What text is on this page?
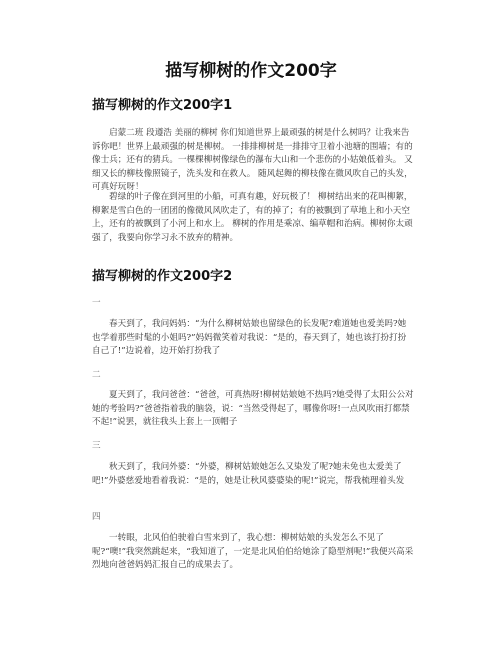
描写柳树的作文200字
描写柳树的作文200字1

启蒙二班 段遵浩 美丽的柳树 你们知道世界上最顽强的树是什么树吗？让我来告诉你吧！世界上最顽强的树是柳树。 一排排柳树是一排排守卫着小池塘的围墙；有的像士兵；还有的猜兵。一棵棵柳树像绿色的瀑布大山和一个悲伤的小姑娘低着头。 又细又长的柳枝像照镜子，洗头发和在救人。 随风起舞的柳枝像在微风吹自己的头发，可真好玩呀！

碧绿的叶子像在到河里的小船，可真有趣，好玩极了！ 柳树结出来的花叫柳絮，柳絮是雪白色的一团团的像微风风吹走了，有的掉了；有的被飘到了草地上和小天空上，还有的被飘到了小河上和水上。 柳树的作用是乘凉、编草帽和治病。柳树你太顽强了，我要向你学习永不放弃的精神。

描写柳树的作文200字2

一

春天到了，我问妈妈：“为什么柳树姑娘也留绿色的长发呢?难道她也爱美吗?她也学着那些时髦的小姐吗?”妈妈微笑着对我说：“是的，春天到了，她也该打扮打扮自己了!”边说着，边开始打扮我了

二

夏天到了，我问爸爸：“爸爸，可真热呀!柳树姑娘她不热吗?她受得了太阳公公对她的考验吗?”爸爸指着我的脑袋，说：“当然受得起了，哪像你呀!一点风吹雨打都禁不起!”说罢，就往我头上套上一顶帽子

三

秋天到了，我问外婆：“外婆，柳树姑娘她怎么又染发了呢?她未免也太爱美了吧!”外婆慈爱地看着我说：“是的，她是让秋风婆婆染的呢!”说完，帮我梳理着头发

四

一转眼，北风伯伯驶着白雪来到了，我心想：柳树姑娘的头发怎么不见了呢?“噢!”我突然跳起来，“我知道了，一定是北风伯伯给她涂了隐型剂呢!”我便兴高采烈地向爸爸妈妈汇报自己的成果去了。
